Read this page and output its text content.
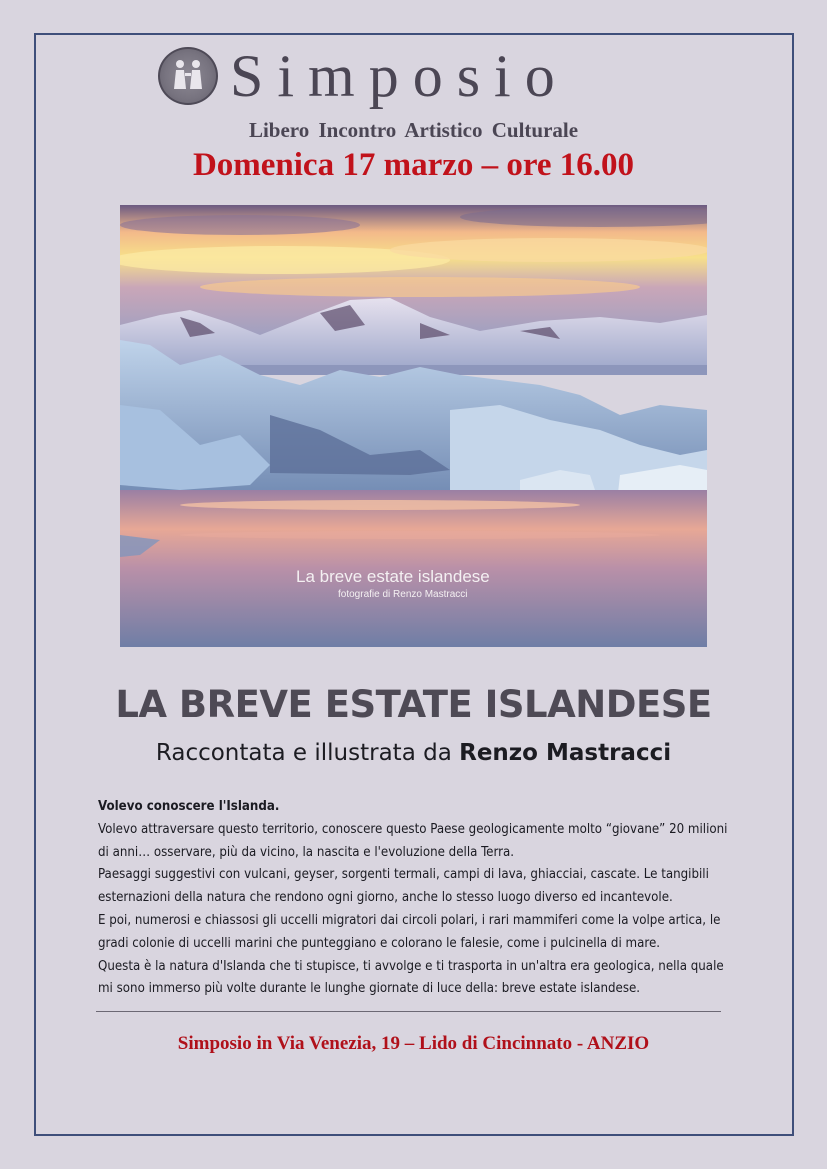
Simposio
Libero Incontro Artistico Culturale
Domenica 17 marzo – ore 16.00
La breve estate islandese
fotografie di Renzo Mastracci
LA BREVE ESTATE ISLANDESE
Raccontata e illustrata da Renzo Mastracci

Volevo conoscere l'Islanda.

Volevo attraversare questo territorio, conoscere questo Paese geologicamente molto “giovane” 20 milioni di anni… osservare, più da vicino, la nascita e l'evoluzione della Terra.

Paesaggi suggestivi con vulcani, geyser, sorgenti termali, campi di lava, ghiacciai, cascate. Le tangibili esternazioni della natura che rendono ogni giorno, anche lo stesso luogo diverso ed incantevole.

E poi, numerosi e chiassosi gli uccelli migratori dai circoli polari, i rari mammiferi come la volpe artica, le gradi colonie di uccelli marini che punteggiano e colorano le falesie, come i pulcinella di mare.

Questa è la natura d'Islanda che ti stupisce, ti avvolge e ti trasporta in un'altra era geologica, nella quale mi sono immerso più volte durante le lunghe giornate di luce della: breve estate islandese.

Simposio in Via Venezia, 19 – Lido di Cincinnato - ANZIO
